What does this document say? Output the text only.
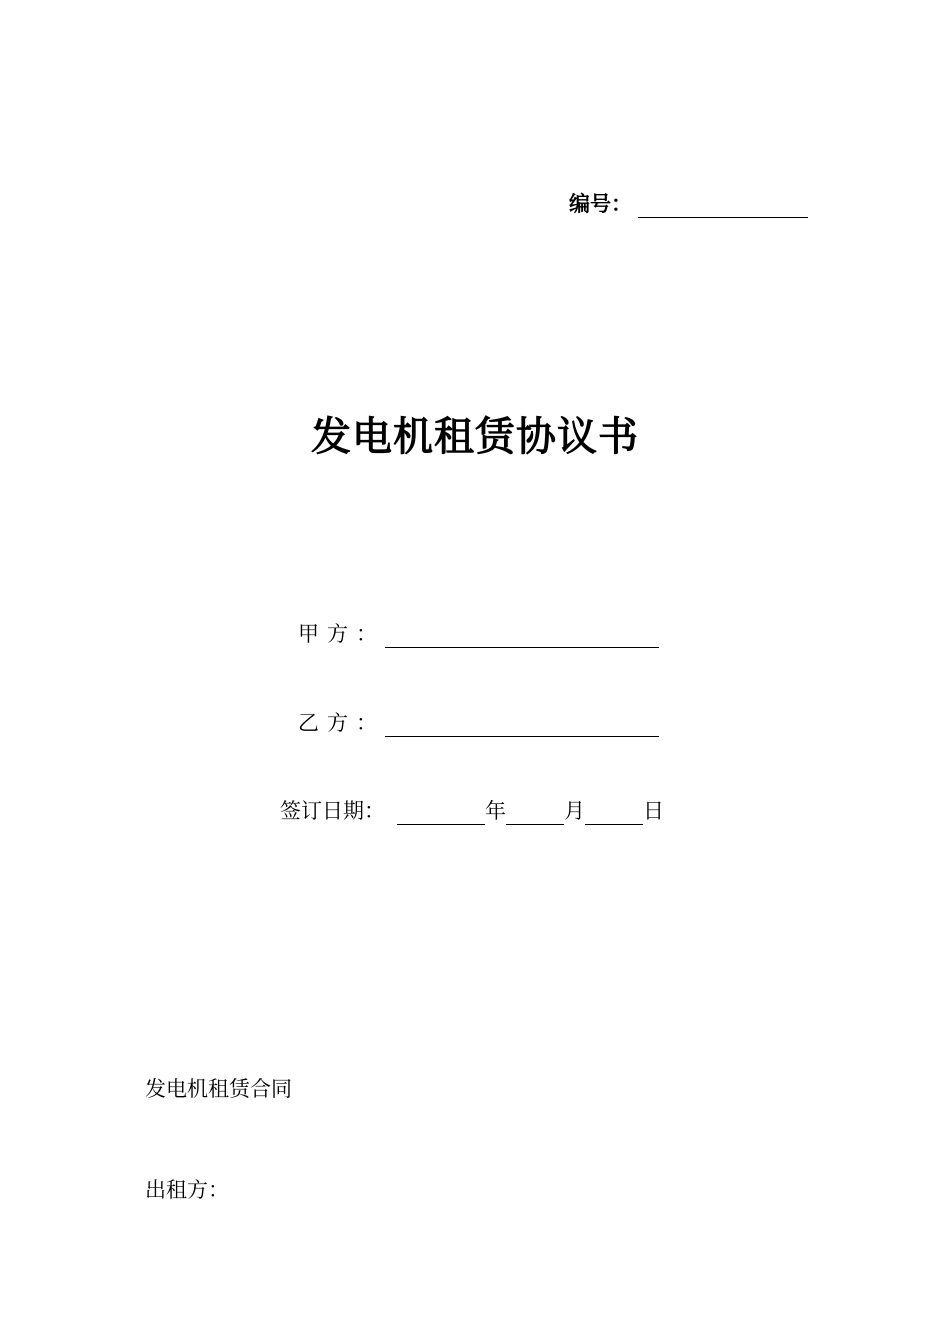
编号：
发电机租赁协议书
甲方 ：
乙方 ：
签订日期：	年	月	日
发电机租赁合同
出租方：
